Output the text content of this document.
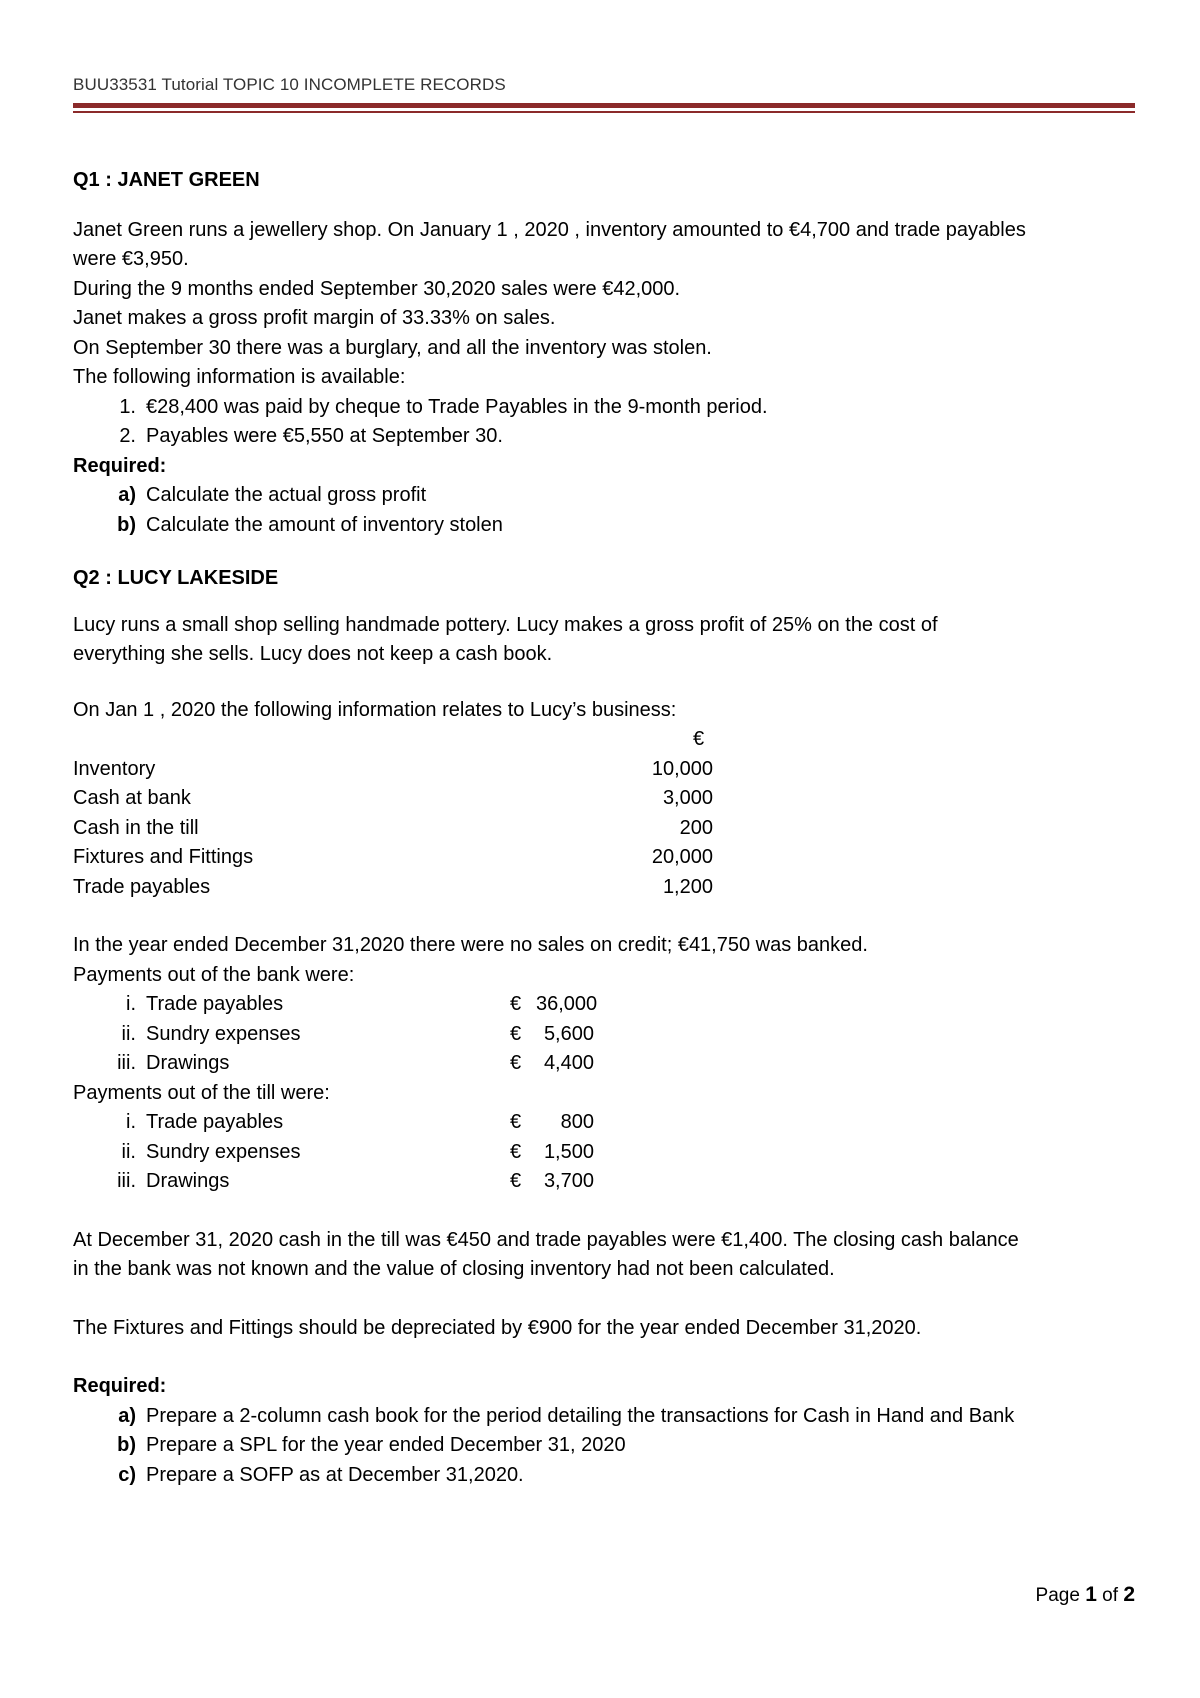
BUU33531 Tutorial TOPIC 10 INCOMPLETE RECORDS

Q1 : JANET GREEN

Janet Green runs a jewellery shop. On January 1 , 2020 , inventory amounted to €4,700 and trade payables

were €3,950.

During the 9 months ended September 30,2020 sales were €42,000.

Janet makes a gross profit margin of 33.33% on sales.

On September 30 there was a burglary, and all the inventory was stolen.

The following information is available:

1. €28,400 was paid by cheque to Trade Payables in the 9-month period.
2. Payables were €5,550 at September 30.

Required:

a) Calculate the actual gross profit
b) Calculate the amount of inventory stolen

Q2 : LUCY LAKESIDE

Lucy runs a small shop selling handmade pottery. Lucy makes a gross profit of 25% on the cost of

everything she sells. Lucy does not keep a cash book.

On Jan 1 , 2020 the following information relates to Lucy’s business:

€
Inventory	10,000
Cash at bank	3,000
Cash in the till	200
Fixtures and Fittings	20,000
Trade payables	1,200

In the year ended December 31,2020 there were no sales on credit; €41,750 was banked.

Payments out of the bank were:

i. Trade payables	€ 36,000
ii. Sundry expenses	€	5,600
iii. Drawings	€	4,400

Payments out of the till were:

i. Trade payables	€	800
ii. Sundry expenses	€	1,500
iii. Drawings	€	3,700

At December 31, 2020 cash in the till was €450 and trade payables were €1,400. The closing cash balance

in the bank was not known and the value of closing inventory had not been calculated.

The Fixtures and Fittings should be depreciated by €900 for the year ended December 31,2020.

Required:

a) Prepare a 2-column cash book for the period detailing the transactions for Cash in Hand and Bank
b) Prepare a SPL for the year ended December 31, 2020
c) Prepare a SOFP as at December 31,2020.
Page 1 of 2
